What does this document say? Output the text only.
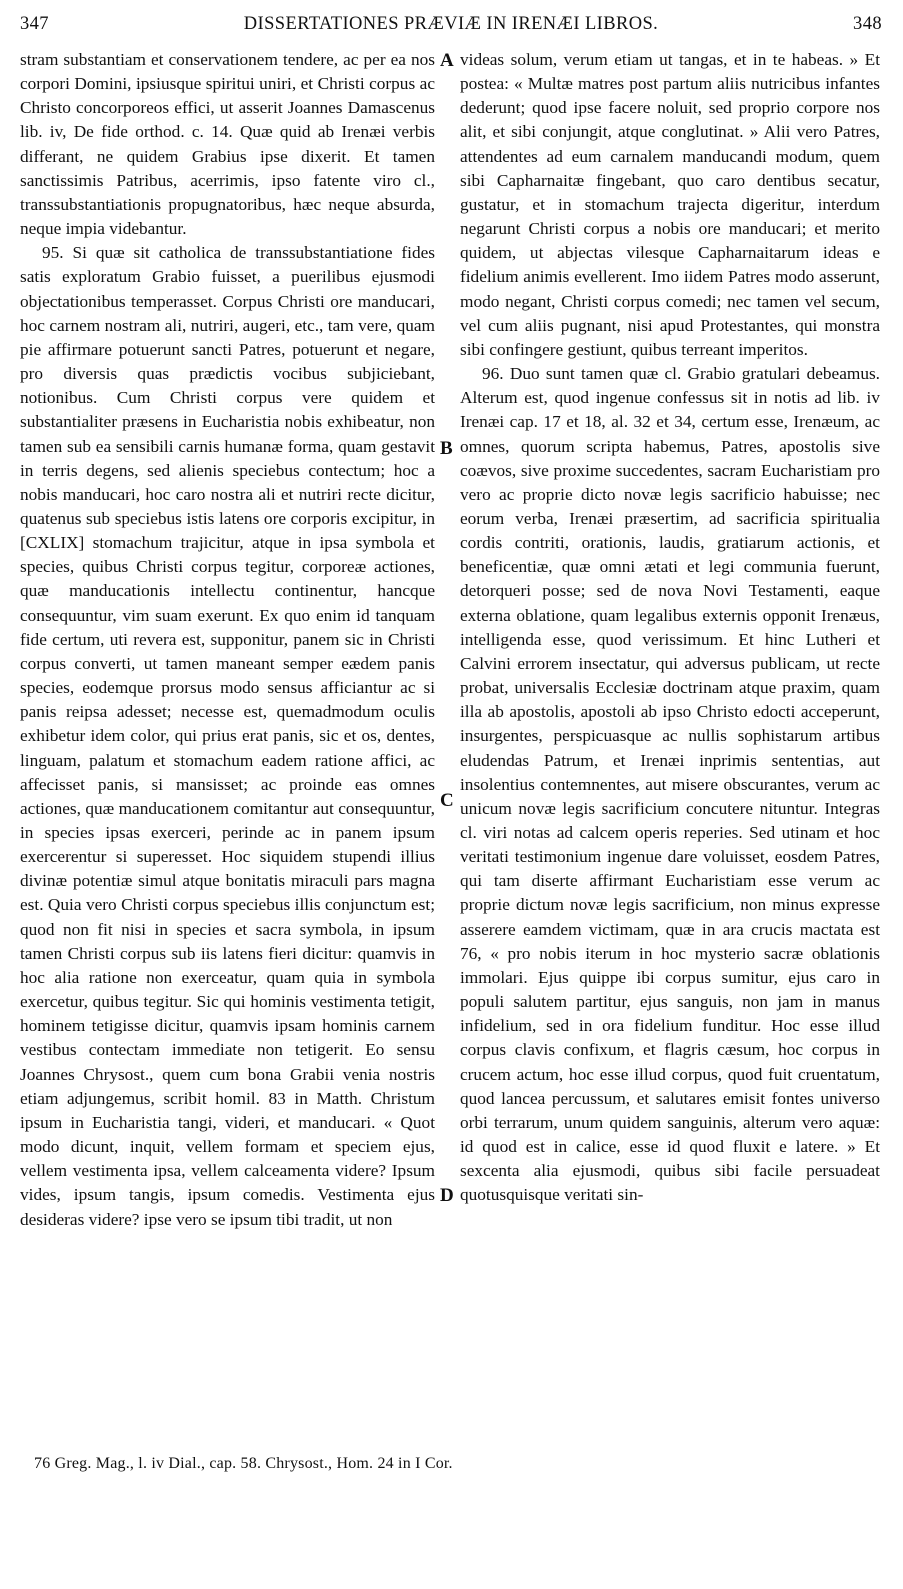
347	DISSERTATIONES PRÆVIÆ IN IRENÆI LIBROS.	348

stram substantiam et conservationem tendere, ac per ea nos corpori Domini, ipsiusque spiritui uniri, et Christi corpus ac Christo concorporeos effici, ut asserit Joannes Damascenus lib. iv, De fide orthod. c. 14. Quæ quid ab Irenæi verbis differant, ne quidem Grabius ipse dixerit. Et tamen sanctissimis Patribus, acerrimis, ipso fatente viro cl., transsubstantiationis propugnatoribus, hæc neque absurda, neque impia videbantur.

95. Si quæ sit catholica de transsubstantiatione fides satis exploratum Grabio fuisset, a puerilibus ejusmodi objectationibus temperasset. Corpus Christi ore manducari, hoc carnem nostram ali, nutriri, augeri, etc., tam vere, quam pie affirmare potuerunt sancti Patres, potuerunt et negare, pro diversis quas prædictis vocibus subjiciebant, notionibus. Cum Christi corpus vere quidem et substantialiter præsens in Eucharistia nobis exhibeatur, non tamen sub ea sensibili carnis humanæ forma, quam gestavit in terris degens, sed alienis speciebus contectum; hoc a nobis manducari, hoc caro nostra ali et nutriri recte dicitur, quatenus sub speciebus istis latens ore corporis excipitur, in [CXLIX] stomachum trajicitur, atque in ipsa symbola et species, quibus Christi corpus tegitur, corporeæ actiones, quæ manducationis intellectu continentur, hancque consequuntur, vim suam exerunt. Ex quo enim id tanquam fide certum, uti revera est, supponitur, panem sic in Christi corpus converti, ut tamen maneant semper eædem panis species, eodemque prorsus modo sensus afficiantur ac si panis reipsa adesset; necesse est, quemadmodum oculis exhibetur idem color, qui prius erat panis, sic et os, dentes, linguam, palatum et stomachum eadem ratione affici, ac affecisset panis, si mansisset; ac proinde eas omnes actiones, quæ manducationem comitantur aut consequuntur, in species ipsas exerceri, perinde ac in panem ipsum exercerentur si superesset. Hoc siquidem stupendi illius divinæ potentiæ simul atque bonitatis miraculi pars magna est. Quia vero Christi corpus speciebus illis conjunctum est; quod non fit nisi in species et sacra symbola, in ipsum tamen Christi corpus sub iis latens fieri dicitur: quamvis in hoc alia ratione non exerceatur, quam quia in symbola exercetur, quibus tegitur. Sic qui hominis vestimenta tetigit, hominem tetigisse dicitur, quamvis ipsam hominis carnem vestibus contectam immediate non tetigerit. Eo sensu Joannes Chrysost., quem cum bona Grabii venia nostris etiam adjungemus, scribit homil. 83 in Matth. Christum ipsum in Eucharistia tangi, videri, et manducari. « Quot modo dicunt, inquit, vellem formam et speciem ejus, vellem vestimenta ipsa, vellem calceamenta videre? Ipsum vides, ipsum tangis, ipsum comedis. Vestimenta ejus desideras videre? ipse vero se ipsum tibi tradit, ut non

A
B
C
D

videas solum, verum etiam ut tangas, et in te habeas. » Et postea: « Multæ matres post partum aliis nutricibus infantes dederunt; quod ipse facere noluit, sed proprio corpore nos alit, et sibi conjungit, atque conglutinat. » Alii vero Patres, attendentes ad eum carnalem manducandi modum, quem sibi Capharnaitæ fingebant, quo caro dentibus secatur, gustatur, et in stomachum trajecta digeritur, interdum negarunt Christi corpus a nobis ore manducari; et merito quidem, ut abjectas vilesque Capharnaitarum ideas e fidelium animis evellerent. Imo iidem Patres modo asserunt, modo negant, Christi corpus comedi; nec tamen vel secum, vel cum aliis pugnant, nisi apud Protestantes, qui monstra sibi confingere gestiunt, quibus terreant imperitos.

96. Duo sunt tamen quæ cl. Grabio gratulari debeamus. Alterum est, quod ingenue confessus sit in notis ad lib. iv Irenæi cap. 17 et 18, al. 32 et 34, certum esse, Irenæum, ac omnes, quorum scripta habemus, Patres, apostolis sive coævos, sive proxime succedentes, sacram Eucharistiam pro vero ac proprie dicto novæ legis sacrificio habuisse; nec eorum verba, Irenæi præsertim, ad sacrificia spiritualia cordis contriti, orationis, laudis, gratiarum actionis, et beneficentiæ, quæ omni ætati et legi communia fuerunt, detorqueri posse; sed de nova Novi Testamenti, eaque externa oblatione, quam legalibus externis opponit Irenæus, intelligenda esse, quod verissimum. Et hinc Lutheri et Calvini errorem insectatur, qui adversus publicam, ut recte probat, universalis Ecclesiæ doctrinam atque praxim, quam illa ab apostolis, apostoli ab ipso Christo edocti acceperunt, insurgentes, perspicuasque ac nullis sophistarum artibus eludendas Patrum, et Irenæi inprimis sententias, aut insolentius contemnentes, aut misere obscurantes, verum ac unicum novæ legis sacrificium concutere nituntur. Integras cl. viri notas ad calcem operis reperies. Sed utinam et hoc veritati testimonium ingenue dare voluisset, eosdem Patres, qui tam diserte affirmant Eucharistiam esse verum ac proprie dictum novæ legis sacrificium, non minus expresse asserere eamdem victimam, quæ in ara crucis mactata est 76, « pro nobis iterum in hoc mysterio sacræ oblationis immolari. Ejus quippe ibi corpus sumitur, ejus caro in populi salutem partitur, ejus sanguis, non jam in manus infidelium, sed in ora fidelium funditur. Hoc esse illud corpus clavis confixum, et flagris cæsum, hoc corpus in crucem actum, hoc esse illud corpus, quod fuit cruentatum, quod lancea percussum, et salutares emisit fontes universo orbi terrarum, unum quidem sanguinis, alterum vero aquæ: id quod est in calice, esse id quod fluxit e latere. » Et sexcenta alia ejusmodi, quibus sibi facile persuadeat quotusquisque veritati sin-

76 Greg. Mag., l. iv Dial., cap. 58. Chrysost., Hom. 24 in I Cor.
